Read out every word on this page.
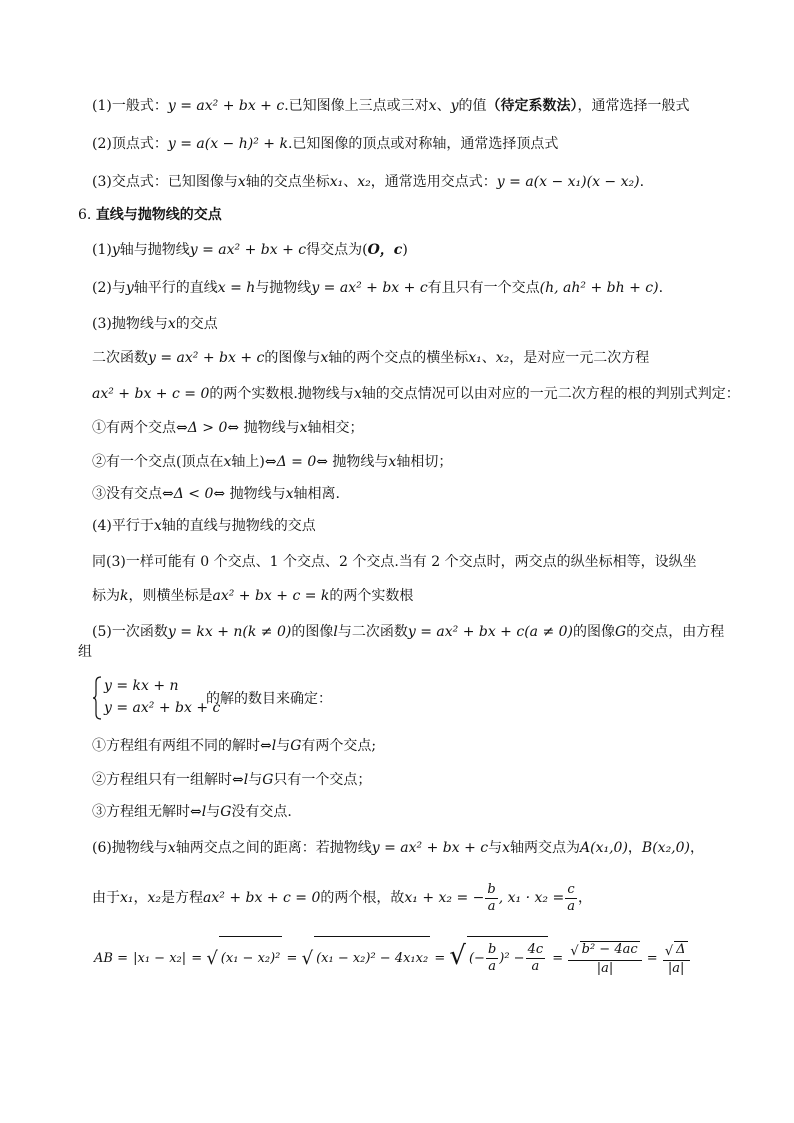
(1)一般式：y = ax² + bx + c.已知图像上三点或三对x、y的值（待定系数法），通常选择一般式
(2)顶点式：y = a(x − h)² + k.已知图像的顶点或对称轴，通常选择顶点式
(3)交点式：已知图像与x轴的交点坐标x₁、x₂，通常选用交点式：y = a(x − x₁)(x − x₂).
6. 直线与抛物线的交点
(1)y轴与抛物线y = ax² + bx + c得交点为(O，c)
(2)与y轴平行的直线x = h与抛物线y = ax² + bx + c有且只有一个交点(h, ah² + bh + c).
(3)抛物线与x的交点
二次函数y = ax² + bx + c的图像与x轴的两个交点的横坐标x₁、x₂，是对应一元二次方程
ax² + bx + c = 0的两个实数根.抛物线与x轴的交点情况可以由对应的一元二次方程的根的判别式判定：
①有两个交点⇔Δ > 0⇔ 抛物线与x轴相交；
②有一个交点(顶点在x轴上)⇔Δ = 0⇔ 抛物线与x轴相切；
③没有交点⇔Δ < 0⇔ 抛物线与x轴相离.
(4)平行于x轴的直线与抛物线的交点
同(3)一样可能有 0 个交点、1 个交点、2 个交点.当有 2 个交点时，两交点的纵坐标相等，设纵坐
标为k，则横坐标是ax² + bx + c = k的两个实数根
(5)一次函数y = kx + n(k ≠ 0)的图像l与二次函数y = ax² + bx + c(a ≠ 0)的图像G的交点，由方程
组
y = kx + n
y = ax² + bx + c
的解的数目来确定：
①方程组有两组不同的解时⇔l与G有两个交点;
②方程组只有一组解时⇔l与G只有一个交点；
③方程组无解时⇔l与G没有交点.
(6)抛物线与x轴两交点之间的距离：若抛物线y = ax² + bx + c与x轴两交点为A(x₁,0)，B(x₂,0)，
由于x₁，x₂是方程ax² + bx + c = 0的两个根，故x₁ + x₂ = − $\frac{b}{a}$ , $x_1 \cdot x_2 = \frac{c}{a}$ ，
AB = |x₁ − x₂| = √ (x₁ − x₂)² = √ (x₁ − x₂)² − 4x₁x₂ = √ (− $\frac{b}{a} )^2 - \frac{4c}{a} = \frac{\text{√ b² − 4ac}}{|a|} = \frac{√ \Delta}{|a|}$
